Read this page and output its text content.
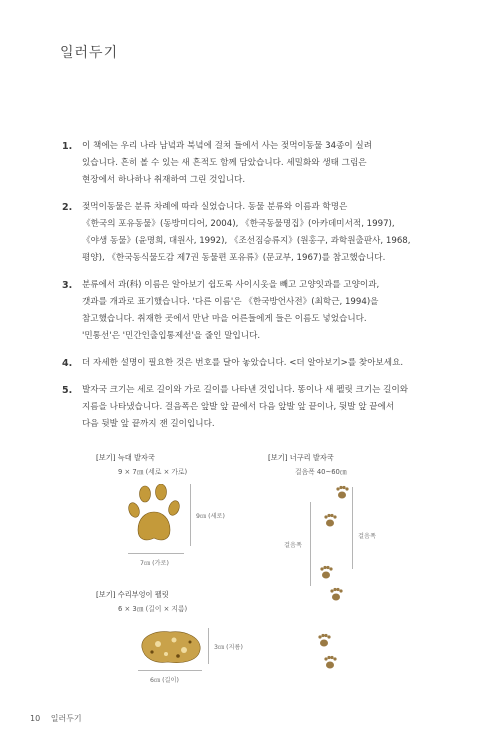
일러두기
1.	이 책에는 우리 나라 남녘과 북녘에 걸쳐 들에서 사는 젖먹이동물 34종이 실려
있습니다. 흔히 볼 수 있는 새 흔적도 함께 담았습니다. 세밀화와 생태 그림은
현장에서 하나하나 취재하여 그린 것입니다.
2.	젖먹이동물은 분류 차례에 따라 실었습니다. 동물 분류와 이름과 학명은
《한국의 포유동물》(동방미디어, 2004), 《한국동물명집》(아카데미서적, 1997),
《야생 동물》(윤명희, 대원사, 1992), 《조선짐승류지》(원홍구, 과학원출판사, 1968,
평양), 《한국동식물도감 제7권 동물편 포유류》(문교부, 1967)를 참고했습니다.
3.	분류에서 과(科) 이름은 알아보기 쉽도록 사이시옷을 빼고 고양잇과를 고양이과,
갯과를 개과로 표기했습니다. '다른 이름'은 《한국방언사전》(최학근, 1994)을
참고했습니다. 취재한 곳에서 만난 마을 어른들에게 들은 이름도 넣었습니다.
'민통선'은 '민간인출입통제선'을 줄인 말입니다.
4.	더 자세한 설명이 필요한 것은 번호를 달아 놓았습니다. <더 알아보기>를 찾아보세요.
5.	발자국 크기는 세로 길이와 가로 길이를 나타낸 것입니다. 똥이나 새 펠릿 크기는 길이와
지름을 나타냈습니다. 걸음폭은 앞발 앞 끝에서 다음 앞발 앞 끝이나, 뒷발 앞 끝에서
다음 뒷발 앞 끝까지 잰 길이입니다.
[보기] 늑대 발자국
9 × 7㎝ (세로 × 가로)
9㎝ (세로)
7㎝ (가로)
[보기] 너구리 발자국
걸음폭 40~60㎝
걸음폭
걸음폭
[보기] 수리부엉이 펠릿
6 × 3㎝ (길이 × 지름)
3㎝ (지름)
6㎝ (길이)
10 일러두기
